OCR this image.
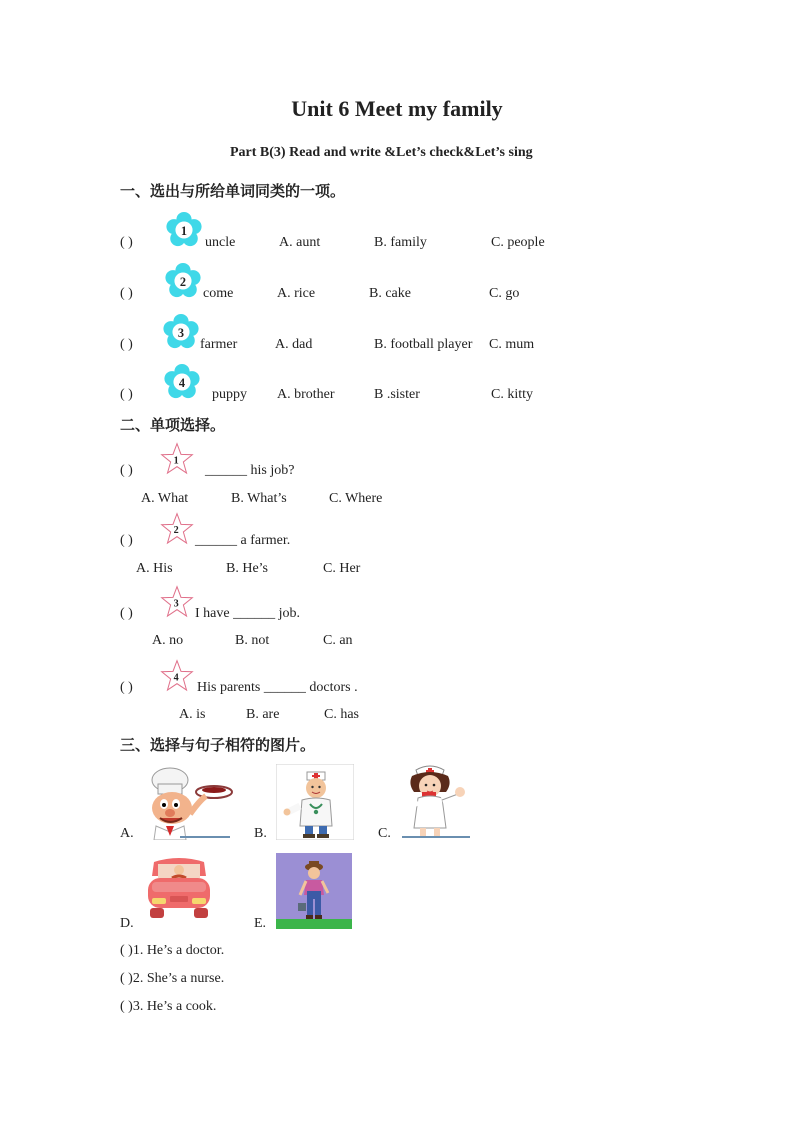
Unit 6 Meet my family
Part B(3) Read and write &Let’s check&Let’s sing
一、选出与所给单词同类的一项。
( )
1
uncle	A. aunt	B. family	C. people
( )
2
come	A. rice	B. cake	C. go
( )
3
farmer	A. dad	B. football player C. mum
( )
4
puppy A. brother	B .sister	C. kitty
二、单项选择。
( )
1
______ his job?
A. What	B. What’s	C. Where
( )
2
______ a farmer.
A. His	B. He’s	C. Her
( )
3
I have ______ job.
A. no	B. not	C. an
( )
4
His parents ______ doctors .
A. is	B. are	C. has
三、选择与句子相符的图片。
A.	B.	C.
D.	E.
( )1. He’s a doctor.
( )2. She’s a nurse.
( )3. He’s a cook.
